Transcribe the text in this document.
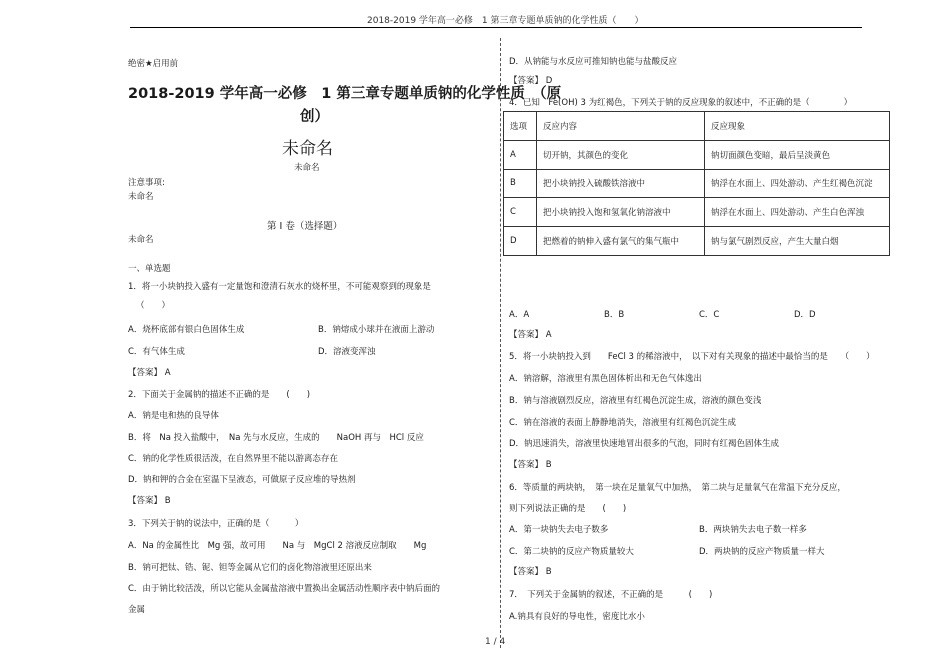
2018-2019 学年高一必修　1 第三章专题单质钠的化学性质（　　）
绝密★启用前
2018-2019 学年高一必修　1 第三章专题单质钠的化学性质　（原
创）
未命名
未命名
注意事项:
未命名
第 I 卷（选择题）
未命名
一、单选题
1．将一小块钠投入盛有一定量饱和澄清石灰水的烧杯里，不可能观察到的现象是
（　　）
A．烧杯底部有银白色固体生成	B．钠熔成小球并在液面上游动
C．有气体生成	D．溶液变浑浊
【答案】 A
2．下面关于金属钠的描述不正确的是　　(　　)
A．钠是电和热的良导体
B．将　Na 投入盐酸中，　Na 先与水反应，生成的　　NaOH 再与　HCl 反应
C．钠的化学性质很活泼，在自然界里不能以游离态存在
D．钠和钾的合金在室温下呈液态，可做原子反应堆的导热剂
【答案】 B
3．下列关于钠的说法中，正确的是（　　　）
A．Na 的金属性比　Mg 强，故可用　　Na 与　MgCl 2 溶液反应制取　　Mg
B．钠可把钛、锆、铌、钽等金属从它们的卤化物溶液里还原出来
C．由于钠比较活泼，所以它能从金属盐溶液中置换出金属活动性顺序表中钠后面的
金属
D．从钠能与水反应可推知钠也能与盐酸反应
【答案】 D
4．已知　Fe(OH) 3 为红褐色，下列关于钠的反应现象的叙述中，不正确的是（　　　　）
选项	反应内容	反应现象
A	切开钠，其颜色的变化	钠切面颜色变暗，最后呈淡黄色
B	把小块钠投入硫酸铁溶液中	钠浮在水面上、四处游动、产生红褐色沉淀
C	把小块钠投入饱和氢氧化钠溶液中	钠浮在水面上、四处游动、产生白色浑浊
D	把燃着的钠伸入盛有氯气的集气瓶中	钠与氯气剧烈反应，产生大量白烟
A．A	B．B	C．C	D．D
【答案】 A
5．将一小块钠投入到　　FeCl 3 的稀溶液中，　以下对有关现象的描述中最恰当的是　　（　　）
A．钠溶解，溶液里有黑色固体析出和无色气体逸出
B．钠与溶液剧烈反应，溶液里有红褐色沉淀生成，溶液的颜色变浅
C．钠在溶液的表面上静静地消失，溶液里有红褐色沉淀生成
D．钠迅速消失，溶液里快速地冒出很多的气泡，同时有红褐色固体生成
【答案】 B
6．等质量的两块钠，　第一块在足量氧气中加热，　第二块与足量氧气在常温下充分反应，
则下列说法正确的是　　(　　)
A．第一块钠失去电子数多	B．两块钠失去电子数一样多
C．第二块钠的反应产物质量较大	D．两块钠的反应产物质量一样大
【答案】 B
7．　下列关于金属钠的叙述，不正确的是　　　(　　)
A.钠具有良好的导电性，密度比水小
1 / 4
